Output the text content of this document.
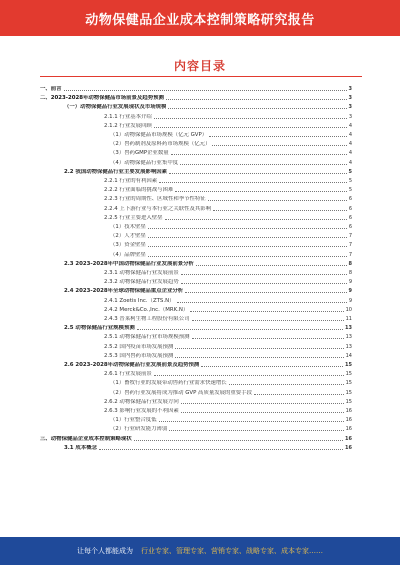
动物保健品企业成本控制策略研究报告
内容目录
一、前言	3
二、2023-2028年动物保健品市场前景及趋势预测	3
（一）动物保健品行业发展现状及市场规模	3
2.1.1 行业基本介绍	3
2.1.2 行业发展回顾	4
（1）动物保健品市场规模（亿元 GVP）	4
（2）兽药制剂及原料药市场规模（亿元）	4
（3）兽药GMP企业数量	4
（4）动物保健品行业集中度	4
2.2 我国动物保健品行业主要发展影响因素	5
2.2.1 行业的有利因素	5
2.2.2 行业面临的挑战与困难	5
2.2.3 行业的周期性、区域性和季节性特征	6
2.2.4 上下游行业与本行业之关联性及其影响	6
2.2.5 行业主要进入壁垒	6
（1）技术壁垒	6
（2）人才壁垒	7
（3）资金壁垒	7
（4）品牌壁垒	7
2.3 2023-2028年中国动物保健品行业发展前景分析	8
2.3.1 动物保健品行业发展前景	8
2.3.2 动物保健品行业发展趋势	9
2.4 2023-2028年全球动物保健品重点企业分析	9
2.4.1 Zoetis Inc.（ZTS.N）	9
2.4.2 Merck&Co.,Inc.（MRK.N）	10
2.4.3 普莱柯生物工程股份有限公司	11
2.5 动物保健品行业规模预测	13
2.5.1 动物保健品行业市场规模预测	13
2.5.2 国内疫苗市场发展预测	13
2.5.3 国内兽药市场发展预测	14
2.6 2023-2028年动物保健品行业发展前景及趋势预测	15
2.6.1 行业发展前景	15
（1）畜牧行业的发展带动兽药行业需求快速增长	15
（2）兽药行业发展将成为推动 GVP 高质量发展的重要手段	15
2.6.2 动物保健品行业发展方向	15
2.6.3 影响行业发展的不利因素	16
（1）行业整合度低	16
（2）行业研发能力薄弱	16
三、动物保健品企业成本控制策略现状	16
3.1 成本概念	16
让每个人都能成为 行业专家、管理专家、营销专家、战略专家、成本专家……
